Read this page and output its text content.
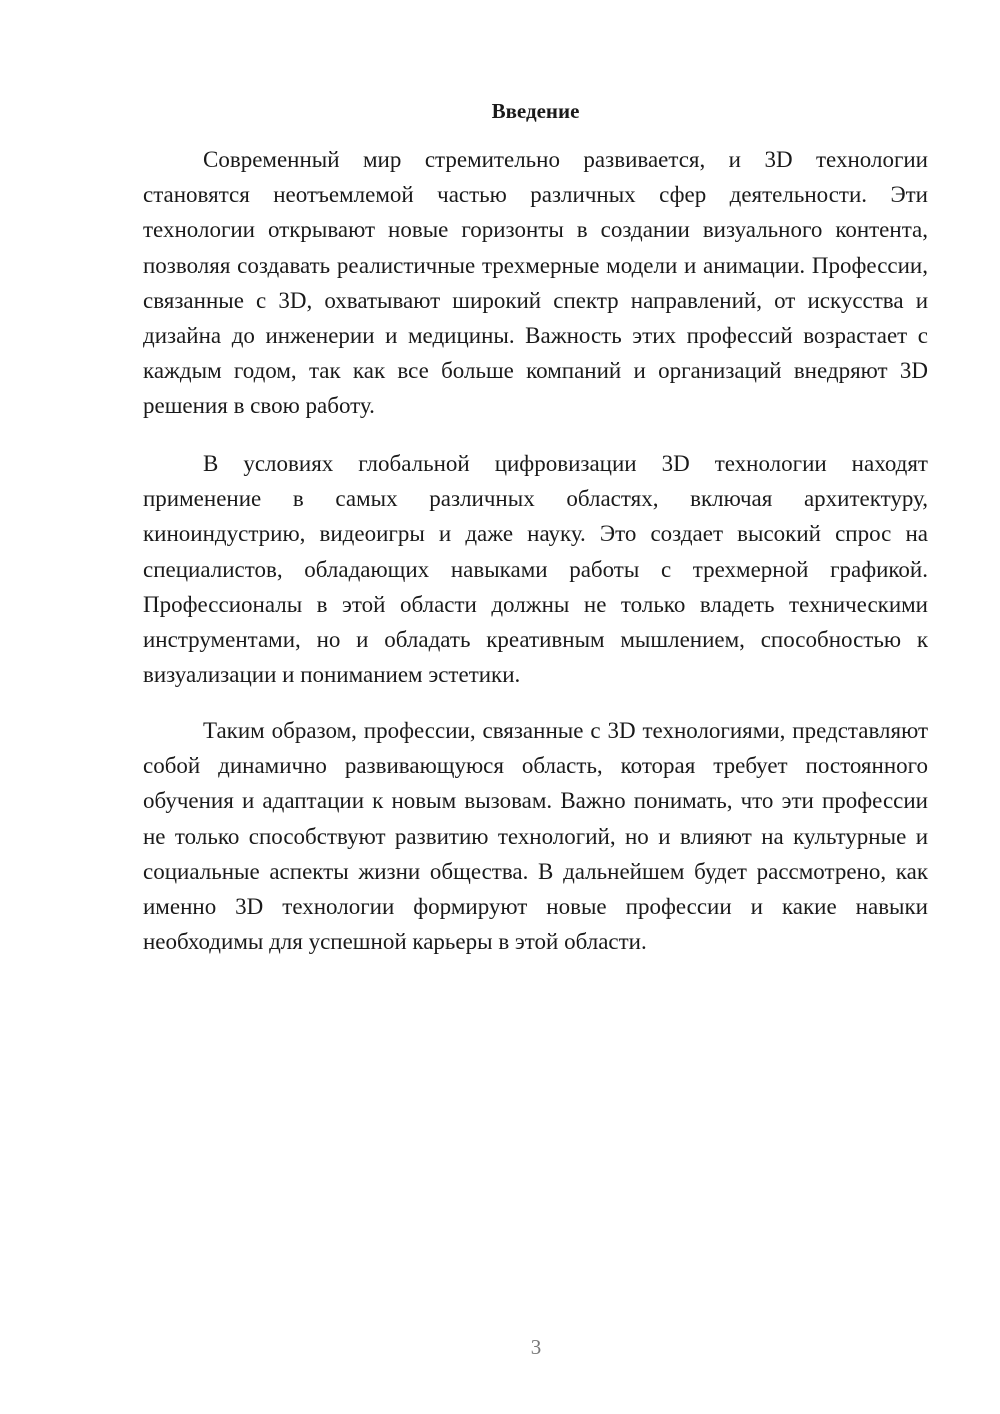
Введение

Современный мир стремительно развивается, и 3D технологии становятся неотъемлемой частью различных сфер деятельности. Эти технологии открывают новые горизонты в создании визуального контента, позволяя создавать реалистичные трехмерные модели и анимации. Профессии, связанные с 3D, охватывают широкий спектр направлений, от искусства и дизайна до инженерии и медицины. Важность этих профессий возрастает с каждым годом, так как все больше компаний и организаций внедряют 3D решения в свою работу.

В условиях глобальной цифровизации 3D технологии находят применение в самых различных областях, включая архитектуру, киноиндустрию, видеоигры и даже науку. Это создает высокий спрос на специалистов, обладающих навыками работы с трехмерной графикой. Профессионалы в этой области должны не только владеть техническими инструментами, но и обладать креативным мышлением, способностью к визуализации и пониманием эстетики.

Таким образом, профессии, связанные с 3D технологиями, представляют собой динамично развивающуюся область, которая требует постоянного обучения и адаптации к новым вызовам. Важно понимать, что эти профессии не только способствуют развитию технологий, но и влияют на культурные и социальные аспекты жизни общества. В дальнейшем будет рассмотрено, как именно 3D технологии формируют новые профессии и какие навыки необходимы для успешной карьеры в этой области.

3
